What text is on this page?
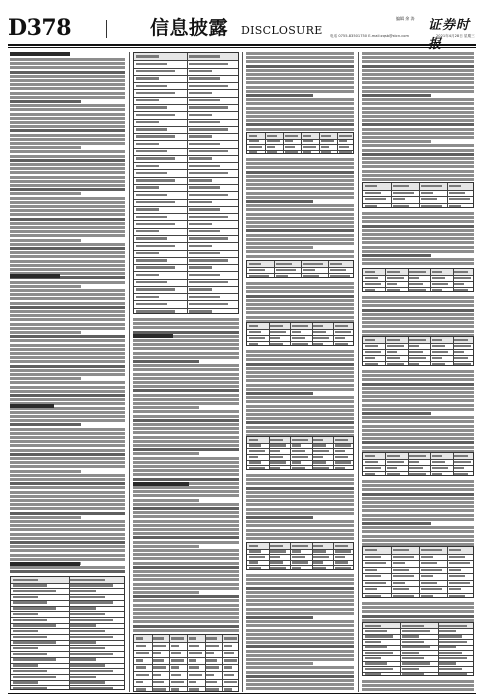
D378	信息披露 DISCLOSURE
编辑 余 涛 证券时
电话 0755-83501750 E-mail:zqsb@stcn.com	2021年4月28日 星期三
